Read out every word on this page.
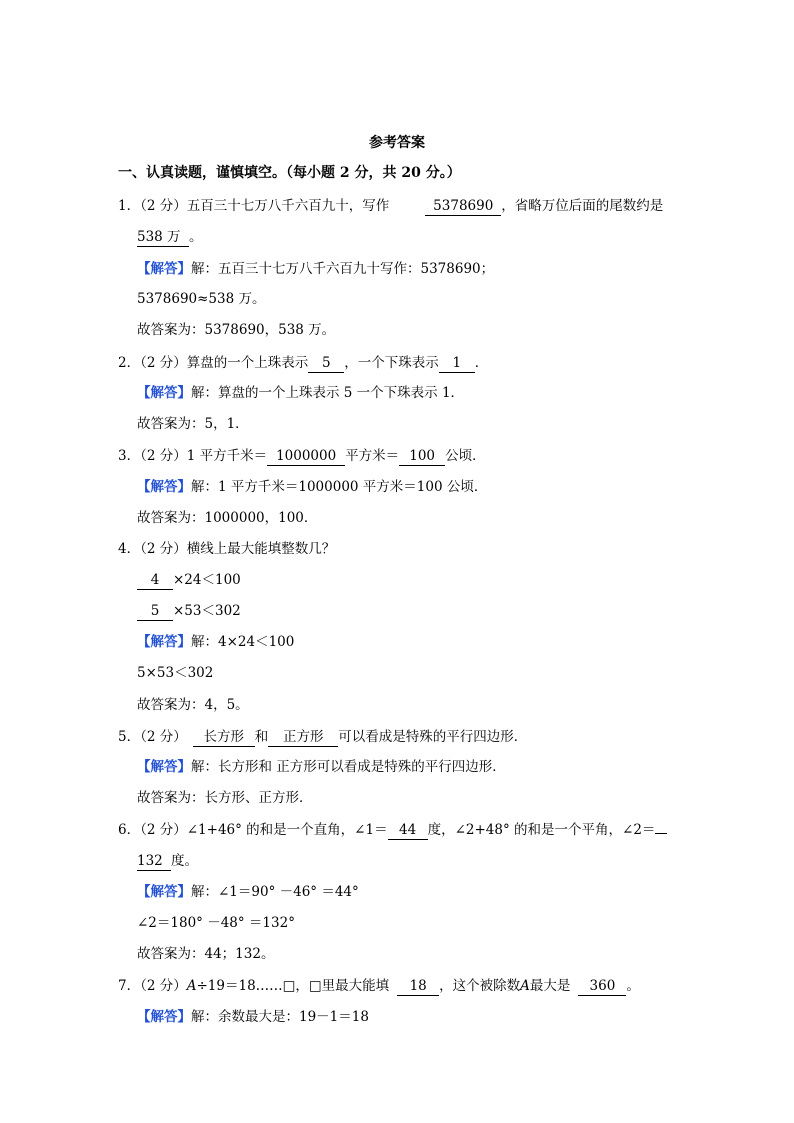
参考答案
一、认真读题，谨慎填空。（每小题 2 分，共 20 分。）
1．（2 分）五百三十七万八千六百九十，写作	5378690 ，省略万位后面的尾数约是
538 万 。
【解答】解：五百三十七万八千六百九十写作：5378690；
5378690≈538 万。
故答案为：5378690，538 万。
2．（2 分）算盘的一个上珠表示 5 ，一个下珠表示 1 ．
【解答】解：算盘的一个上珠表示 5 一个下珠表示 1．
故答案为：5，1．
3．（2 分）1 平方千米＝ 1000000 平方米＝ 100 公顷．
【解答】解：1 平方千米＝1000000 平方米＝100 公顷．
故答案为：1000000，100．
4．（2 分）横线上最大能填整数几？
4 ×24＜100
5 ×53＜302
【解答】解：4×24＜100
5×53＜302
故答案为：4，5。
5．（2 分） 长方形 和 正方形 可以看成是特殊的平行四边形．
【解答】解：长方形和 正方形可以看成是特殊的平行四边形．
故答案为：长方形、正方形．
6．（2 分）∠1+46° 的和是一个直角，∠1＝ 44 度，∠2+48° 的和是一个平角，∠2＝
132 度。
【解答】解：∠1＝90° －46° ＝44°
∠2＝180° －48° ＝132°
故答案为：44；132。
7．（2 分）A÷19＝18……□，□里最大能填 18 ，这个被除数A最大是 360 。
【解答】解：余数最大是：19－1＝18
